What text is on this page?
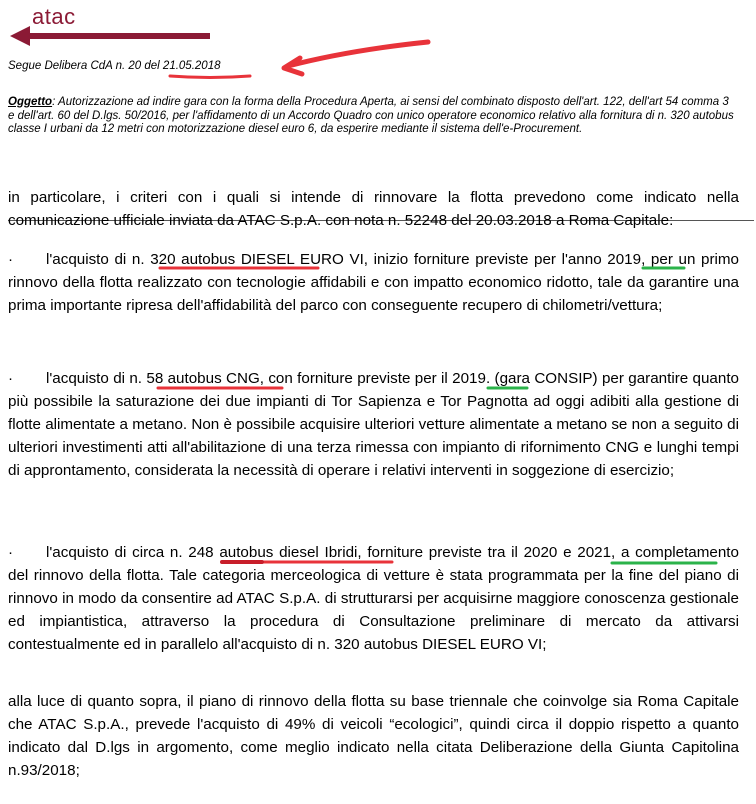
atac
Segue Delibera CdA n. 20 del 21.05.2018
Oggetto: Autorizzazione ad indire gara con la forma della Procedura Aperta, ai sensi del combinato disposto dell'art. 122, dell'art 54 comma 3 e dell'art. 60 del D.lgs. 50/2016, per l'affidamento di un Accordo Quadro con unico operatore economico relativo alla fornitura di n. 320 autobus classe I urbani da 12 metri con motorizzazione diesel euro 6, da esperire mediante il sistema dell'e-Procurement.
in particolare, i criteri con i quali si intende di rinnovare la flotta prevedono come indicato nella comunicazione ufficiale inviata da ATAC S.p.A. con nota n. 52248 del 20.03.2018 a Roma Capitale:
· l'acquisto di n. 320 autobus DIESEL EURO VI, inizio forniture previste per l'anno 2019, per un primo rinnovo della flotta realizzato con tecnologie affidabili e con impatto economico ridotto, tale da garantire una prima importante ripresa dell'affidabilità del parco con conseguente recupero di chilometri/vettura;
· l'acquisto di n. 58 autobus CNG, con forniture previste per il 2019. (gara CONSIP) per garantire quanto più possibile la saturazione dei due impianti di Tor Sapienza e Tor Pagnotta ad oggi adibiti alla gestione di flotte alimentate a metano. Non è possibile acquisire ulteriori vetture alimentate a metano se non a seguito di ulteriori investimenti atti all'abilitazione di una terza rimessa con impianto di rifornimento CNG e lunghi tempi di approntamento, considerata la necessità di operare i relativi interventi in soggezione di esercizio;
· l'acquisto di circa n. 248 autobus diesel Ibridi, forniture previste tra il 2020 e 2021, a completamento del rinnovo della flotta. Tale categoria merceologica di vetture è stata programmata per la fine del piano di rinnovo in modo da consentire ad ATAC S.p.A. di strutturarsi per acquisirne maggiore conoscenza gestionale ed impiantistica, attraverso la procedura di Consultazione preliminare di mercato da attivarsi contestualmente ed in parallelo all'acquisto di n. 320 autobus DIESEL EURO VI;
alla luce di quanto sopra, il piano di rinnovo della flotta su base triennale che coinvolge sia Roma Capitale che ATAC S.p.A., prevede l'acquisto di 49% di veicoli “ecologici”, quindi circa il doppio rispetto a quanto indicato dal D.lgs in argomento, come meglio indicato nella citata Deliberazione della Giunta Capitolina n.93/2018;
